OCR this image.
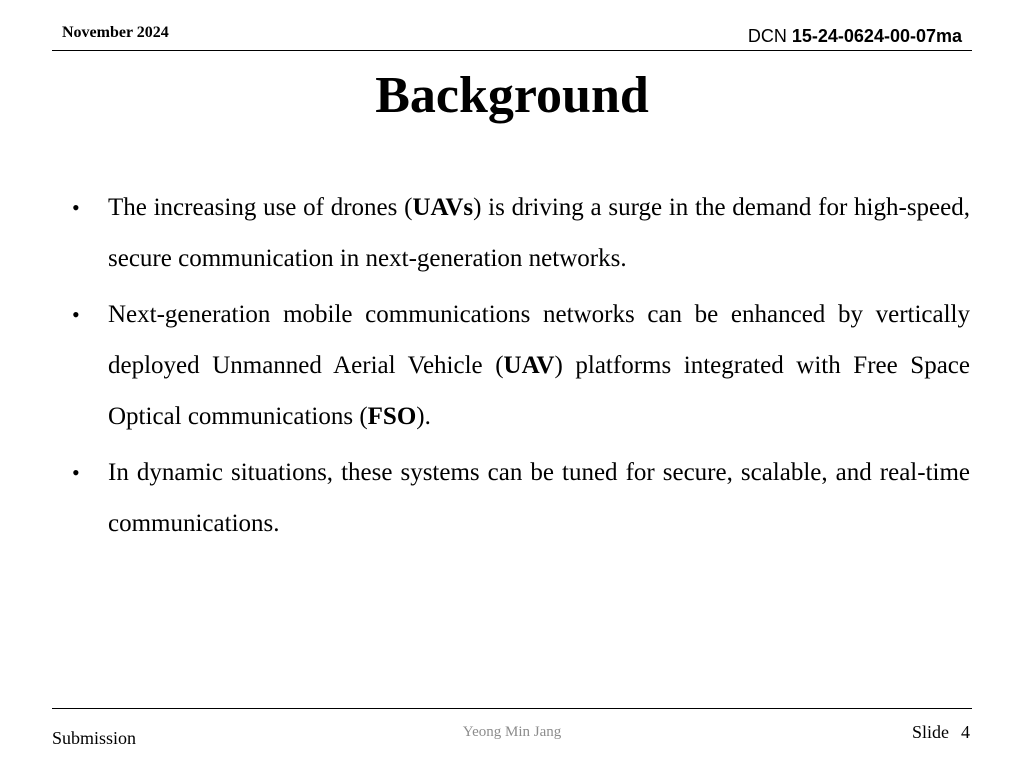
November 2024	DCN 15-24-0624-00-07ma
Background
•	The increasing use of drones (UAVs) is driving a surge in the demand for high-speed, secure communication in next-generation networks.
•	Next-generation mobile communications networks can be enhanced by vertically deployed Unmanned Aerial Vehicle (UAV) platforms integrated with Free Space Optical communications (FSO).
•	In dynamic situations, these systems can be tuned for secure, scalable, and real-time communications.
Submission	Yeong Min Jang	Slide 4
